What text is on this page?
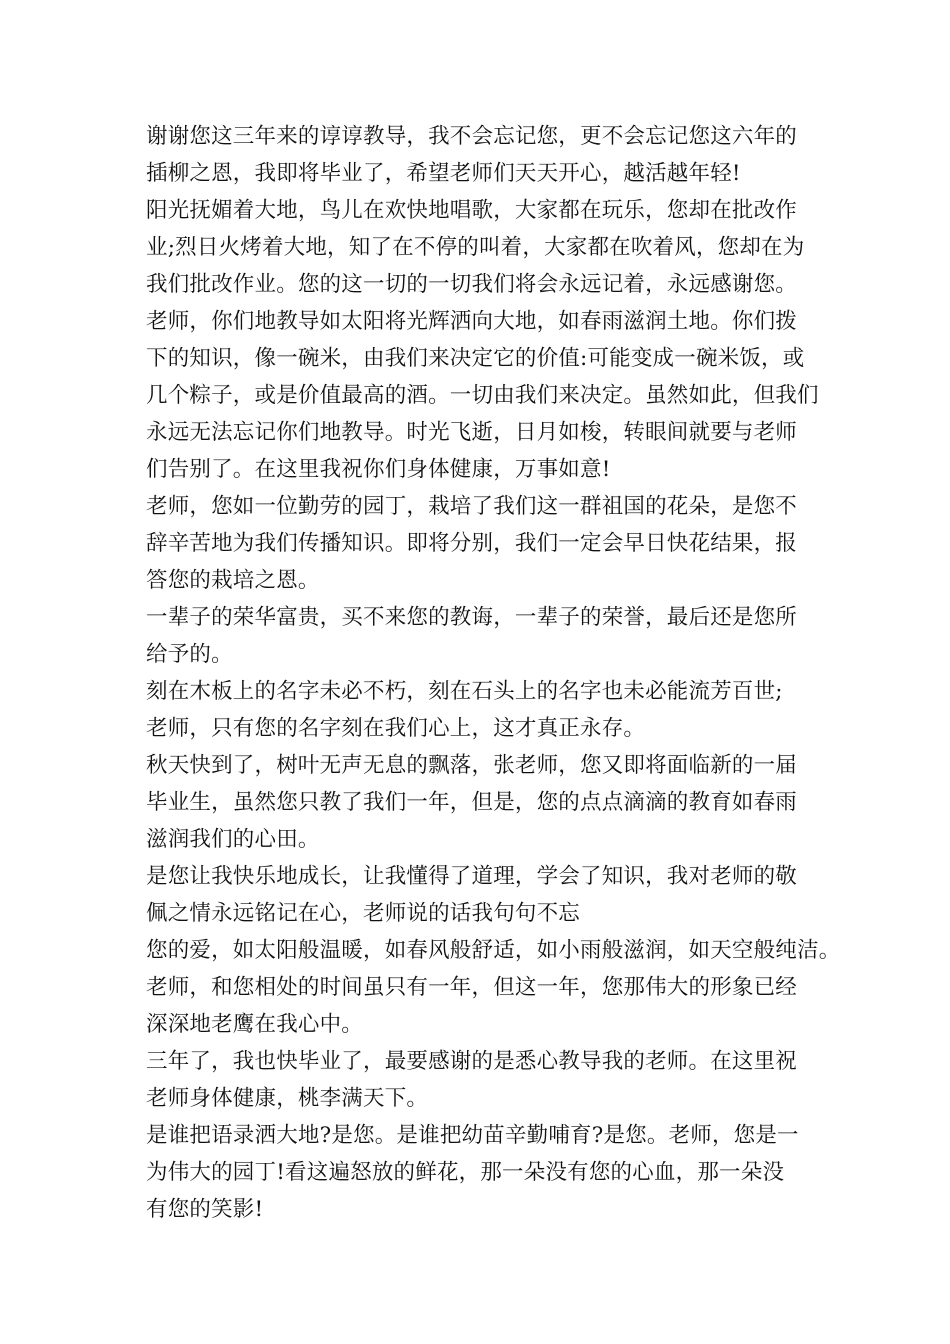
谢谢您这三年来的谆谆教导，我不会忘记您，更不会忘记您这六年的
插柳之恩，我即将毕业了，希望老师们天天开心，越活越年轻!
阳光抚媚着大地，鸟儿在欢快地唱歌，大家都在玩乐，您却在批改作
业;烈日火烤着大地，知了在不停的叫着，大家都在吹着风，您却在为
我们批改作业。您的这一切的一切我们将会永远记着，永远感谢您。
老师，你们地教导如太阳将光辉洒向大地，如春雨滋润土地。你们拨
下的知识，像一碗米，由我们来决定它的价值:可能变成一碗米饭，或
几个粽子，或是价值最高的酒。一切由我们来决定。虽然如此，但我们
永远无法忘记你们地教导。时光飞逝，日月如梭，转眼间就要与老师
们告别了。在这里我祝你们身体健康，万事如意!
老师，您如一位勤劳的园丁，栽培了我们这一群祖国的花朵，是您不
辞辛苦地为我们传播知识。即将分别，我们一定会早日快花结果，报
答您的栽培之恩。
一辈子的荣华富贵，买不来您的教诲，一辈子的荣誉，最后还是您所
给予的。
刻在木板上的名字未必不朽，刻在石头上的名字也未必能流芳百世;
老师，只有您的名字刻在我们心上，这才真正永存。
秋天快到了，树叶无声无息的飘落，张老师，您又即将面临新的一届
毕业生，虽然您只教了我们一年，但是，您的点点滴滴的教育如春雨
滋润我们的心田。
是您让我快乐地成长，让我懂得了道理，学会了知识，我对老师的敬
佩之情永远铭记在心，老师说的话我句句不忘
您的爱，如太阳般温暖，如春风般舒适，如小雨般滋润，如天空般纯洁。
老师，和您相处的时间虽只有一年，但这一年，您那伟大的形象已经
深深地老鹰在我心中。
三年了，我也快毕业了，最要感谢的是悉心教导我的老师。在这里祝
老师身体健康，桃李满天下。
是谁把语录洒大地?是您。是谁把幼苗辛勤哺育?是您。老师，您是一
为伟大的园丁!看这遍怒放的鲜花，那一朵没有您的心血，那一朵没
有您的笑影!
